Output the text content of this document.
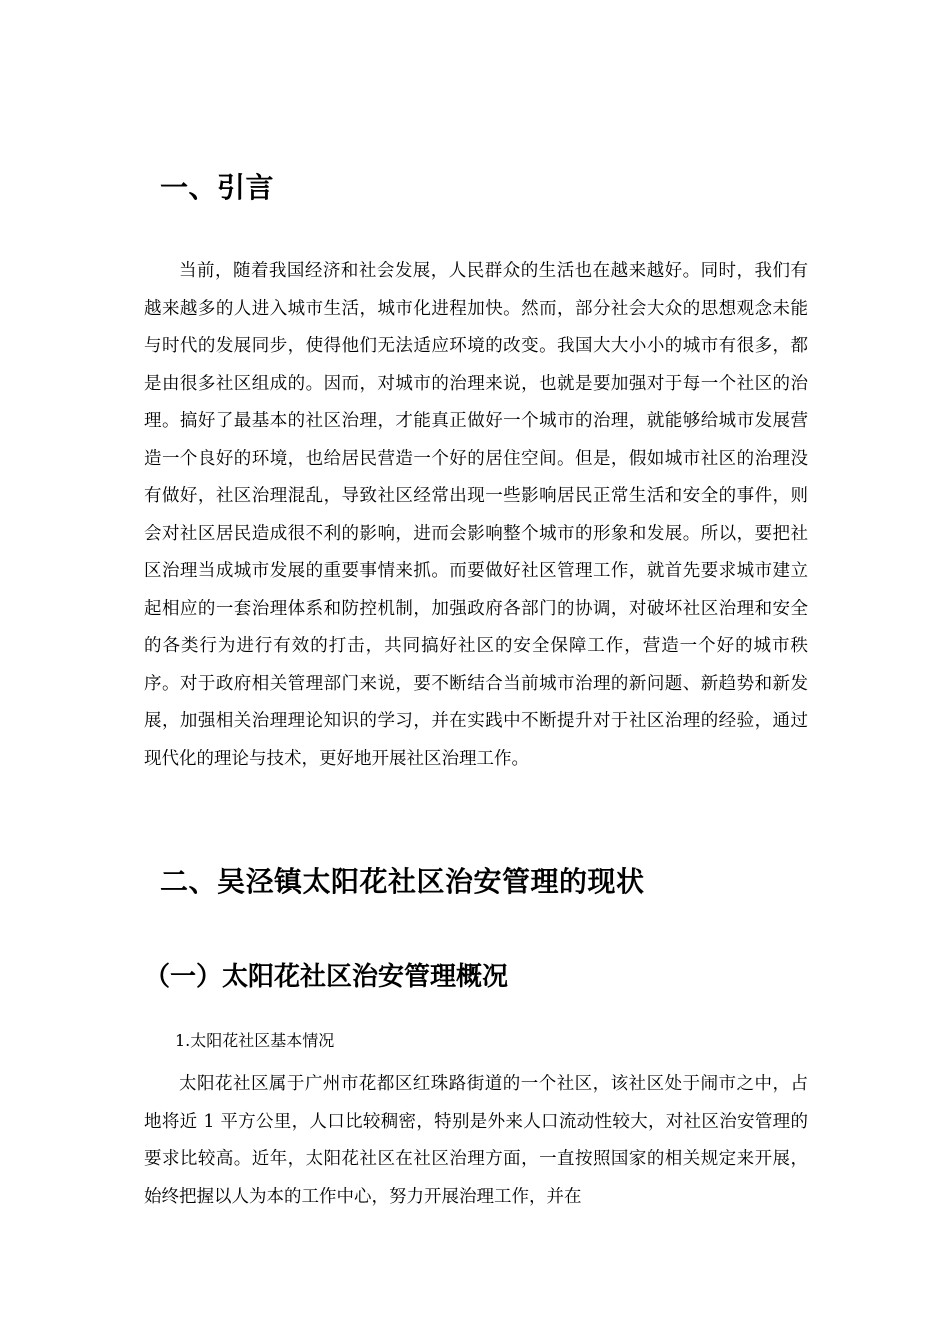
一、引言

当前，随着我国经济和社会发展，人民群众的生活也在越来越好。同时，我们有越来越多的人进入城市生活，城市化进程加快。然而，部分社会大众的思想观念未能与时代的发展同步，使得他们无法适应环境的改变。我国大大小小的城市有很多，都是由很多社区组成的。因而，对城市的治理来说，也就是要加强对于每一个社区的治理。搞好了最基本的社区治理，才能真正做好一个城市的治理，就能够给城市发展营造一个良好的环境，也给居民营造一个好的居住空间。但是，假如城市社区的治理没有做好，社区治理混乱，导致社区经常出现一些影响居民正常生活和安全的事件，则会对社区居民造成很不利的影响，进而会影响整个城市的形象和发展。所以，要把社区治理当成城市发展的重要事情来抓。而要做好社区管理工作，就首先要求城市建立起相应的一套治理体系和防控机制，加强政府各部门的协调，对破坏社区治理和安全的各类行为进行有效的打击，共同搞好社区的安全保障工作，营造一个好的城市秩序。对于政府相关管理部门来说，要不断结合当前城市治理的新问题、新趋势和新发展，加强相关治理理论知识的学习，并在实践中不断提升对于社区治理的经验，通过现代化的理论与技术，更好地开展社区治理工作。

二、吴泾镇太阳花社区治安管理的现状
（一）太阳花社区治安管理概况
1.太阳花社区基本情况

太阳花社区属于广州市花都区红珠路街道的一个社区，该社区处于闹市之中，占地将近 1 平方公里，人口比较稠密，特别是外来人口流动性较大，对社区治安管理的要求比较高。近年，太阳花社区在社区治理方面，一直按照国家的相关规定来开展，始终把握以人为本的工作中心，努力开展治理工作，并在
